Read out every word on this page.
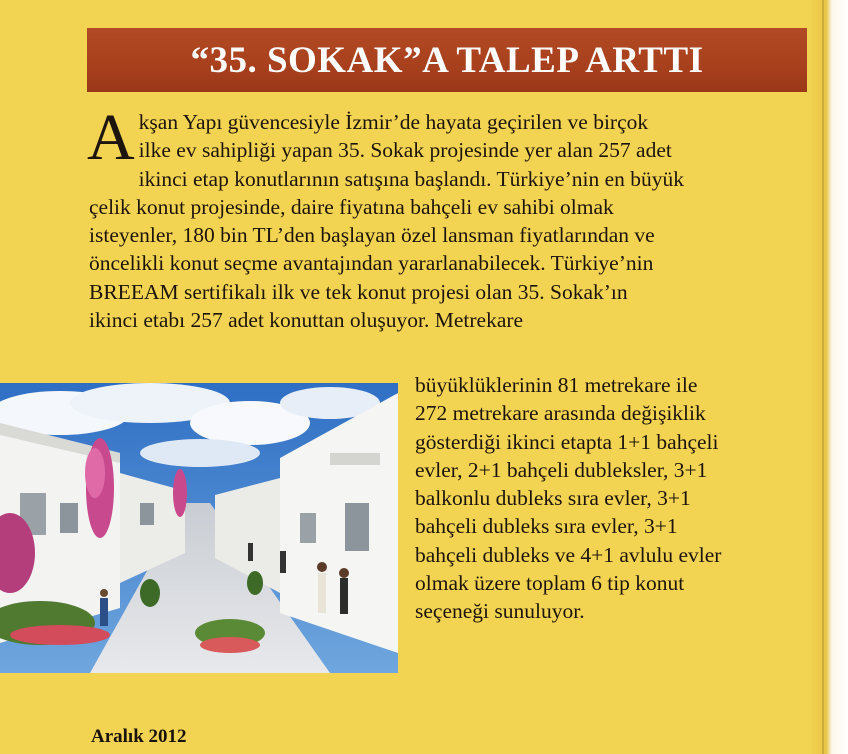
“35. SOKAK”A TALEP ARTTI

Akşan Yapı güvencesiyle İzmir’de hayata geçirilen ve birçok
ilke ev sahipliği yapan 35. Sokak projesinde yer alan 257 adet
ikinci etap konutlarının satışına başlandı. Türkiye’nin en büyük
çelik konut projesinde, daire fiyatına bahçeli ev sahibi olmak
isteyenler, 180 bin TL’den başlayan özel lansman fiyatlarından ve
öncelikli konut seçme avantajından yararlanabilecek. Türkiye’nin
BREEAM sertifikalı ilk ve tek konut projesi olan 35. Sokak’ın
ikinci etabı 257 adet konuttan oluşuyor. Metrekare

büyüklüklerinin 81 metrekare ile
272 metrekare arasında değişiklik
gösterdiği ikinci etapta 1+1 bahçeli
evler, 2+1 bahçeli dubleksler, 3+1
balkonlu dubleks sıra evler, 3+1
bahçeli dubleks sıra evler, 3+1
bahçeli dubleks ve 4+1 avlulu evler
olmak üzere toplam 6 tip konut
seçeneği sunuluyor.

Aralık 2012
